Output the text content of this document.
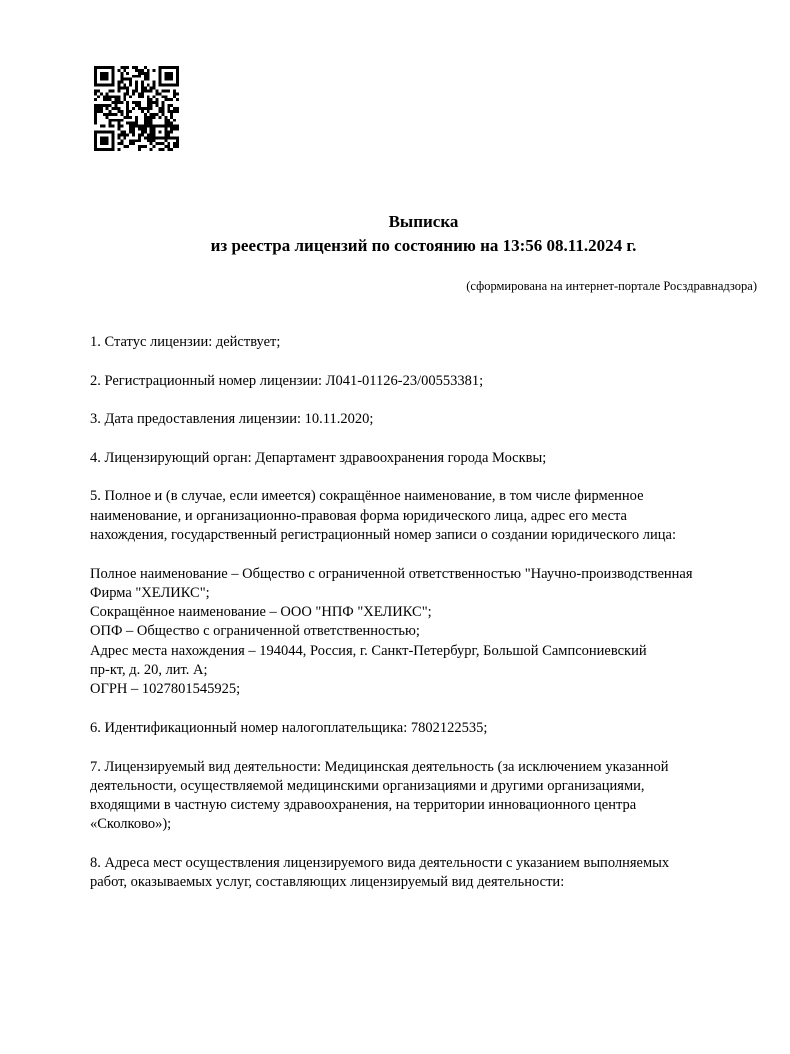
Выписка
из реестра лицензий по состоянию на 13:56 08.11.2024 г.
(сформирована на интернет-портале Росздравнадзора)

1. Статус лицензии: действует;

2. Регистрационный номер лицензии: Л041-01126-23/00553381;

3. Дата предоставления лицензии: 10.11.2020;

4. Лицензирующий орган: Департамент здравоохранения города Москвы;

5. Полное и (в случае, если имеется) сокращённое наименование, в том числе фирменное
наименование, и организационно-правовая форма юридического лица, адрес его места
нахождения, государственный регистрационный номер записи о создании юридического лица:

Полное наименование – Общество с ограниченной ответственностью "Научно-производственная
Фирма "ХЕЛИКС";
Сокращённое наименование – ООО "НПФ "ХЕЛИКС";
ОПФ – Общество с ограниченной ответственностью;
Адрес места нахождения – 194044, Россия, г. Санкт-Петербург, Большой Сампсониевский
пр-кт, д. 20, лит. А;
ОГРН – 1027801545925;

6. Идентификационный номер налогоплательщика: 7802122535;

7. Лицензируемый вид деятельности: Медицинская деятельность (за исключением указанной
деятельности, осуществляемой медицинскими организациями и другими организациями,
входящими в частную систему здравоохранения, на территории инновационного центра
«Сколково»);

8. Адреса мест осуществления лицензируемого вида деятельности с указанием выполняемых
работ, оказываемых услуг, составляющих лицензируемый вид деятельности:
